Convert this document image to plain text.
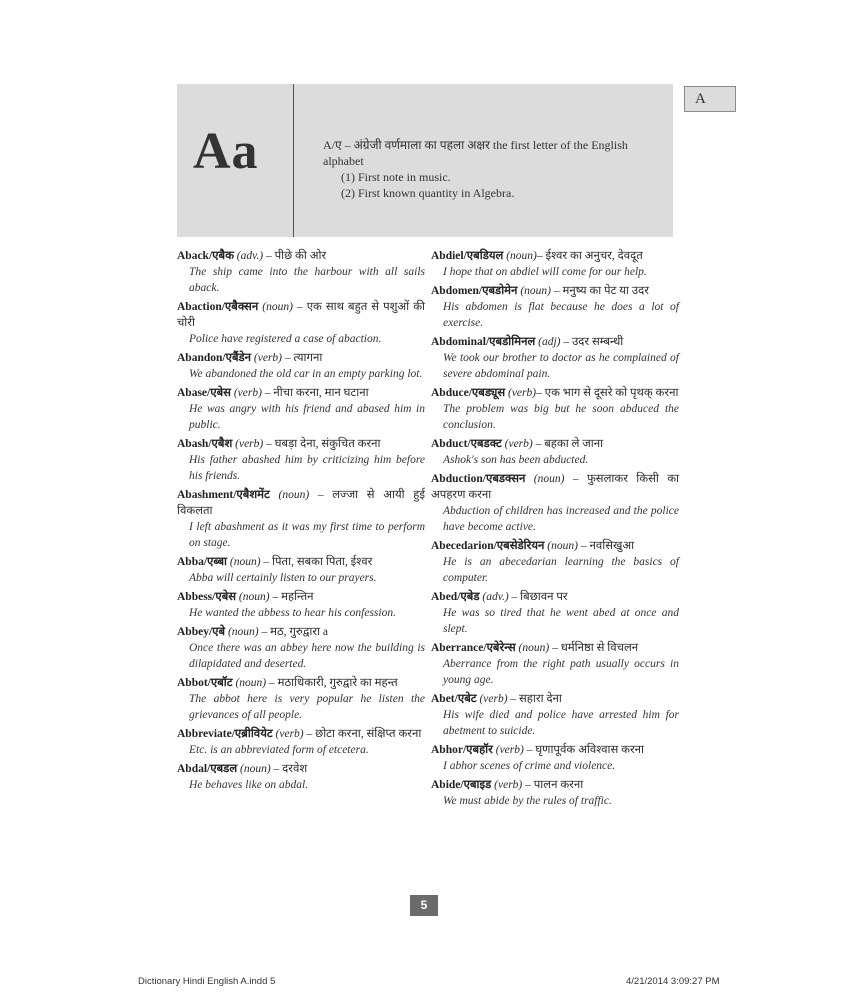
A
Aa	A/ए – अंग्रेजी वर्णमाला का पहला अक्षर the first letter of the English alphabet
(1) First note in music.
(2) First known quantity in Algebra.
Aback/एबैक (adv.) – पीछे की ओर
The ship came into the harbour with all sails aback.
Abaction/एबैक्सन (noun) – एक साथ बहुत से पशुओं की चोरी
Police have registered a case of abaction.
Abandon/एबैंडेन (verb) – त्यागना
We abandoned the old car in an empty parking lot.
Abase/एबेस (verb) – नीचा करना, मान घटाना
He was angry with his friend and abased him in public.
Abash/एबैश (verb) – घबड़ा देना, संकुचित करना
His father abashed him by criticizing him before his friends.
Abashment/एबैशमेंट (noun) – लज्जा से आयी हुई विकलता
I left abashment as it was my first time to perform on stage.
Abba/एब्बा (noun) – पिता, सबका पिता, ईश्वर
Abba will certainly listen to our prayers.
Abbess/एबेस (noun) – महन्तिन
He wanted the abbess to hear his confession.
Abbey/एबे (noun) – मठ, गुरुद्वारा a
Once there was an abbey here now the building is dilapidated and deserted.
Abbot/एबॉट (noun) – मठाधिकारी, गुरुद्वारे का महन्त
The abbot here is very popular he listen the grievances of all people.
Abbreviate/एब्रीवियेट (verb) – छोटा करना, संक्षिप्त करना
Etc. is an abbreviated form of etcetera.
Abdal/एबडल (noun) – दरवेश
He behaves like on abdal.
Abdiel/एबडियल (noun)– ईश्वर का अनुचर, देवदूत
I hope that on abdiel will come for our help.
Abdomen/एबडोमेन (noun) – मनुष्य का पेट या उदर
His abdomen is flat because he does a lot of exercise.
Abdominal/एबडोमिनल (adj) – उदर सम्बन्धी
We took our brother to doctor as he complained of severe abdominal pain.
Abduce/एबड्यूस (verb)– एक भाग से दूसरे को पृथक् करना
The problem was big but he soon abduced the conclusion.
Abduct/एबडक्ट (verb) – बहका ले जाना
Ashok's son has been abducted.
Abduction/एबडक्सन (noun) – फुसलाकर किसी का अपहरण करना
Abduction of children has increased and the police have become active.
Abecedarion/एबसेडेरियन (noun) – नवसिखुआ
He is an abecedarian learning the basics of computer.
Abed/एबेड (adv.) – बिछावन पर
He was so tired that he went abed at once and slept.
Aberrance/एबेरेन्स (noun) – धर्मनिष्ठा से विचलन
Aberrance from the right path usually occurs in young age.
Abet/एबेट (verb) – सहारा देना
His wife died and police have arrested him for abetment to suicide.
Abhor/एबहॉर (verb) – घृणापूर्वक अविश्वास करना
I abhor scenes of crime and violence.
Abide/एबाइड (verb) – पालन करना
We must abide by the rules of traffic.
5
Dictionary Hindi English A.indd 5	4/21/2014 3:09:27 PM
